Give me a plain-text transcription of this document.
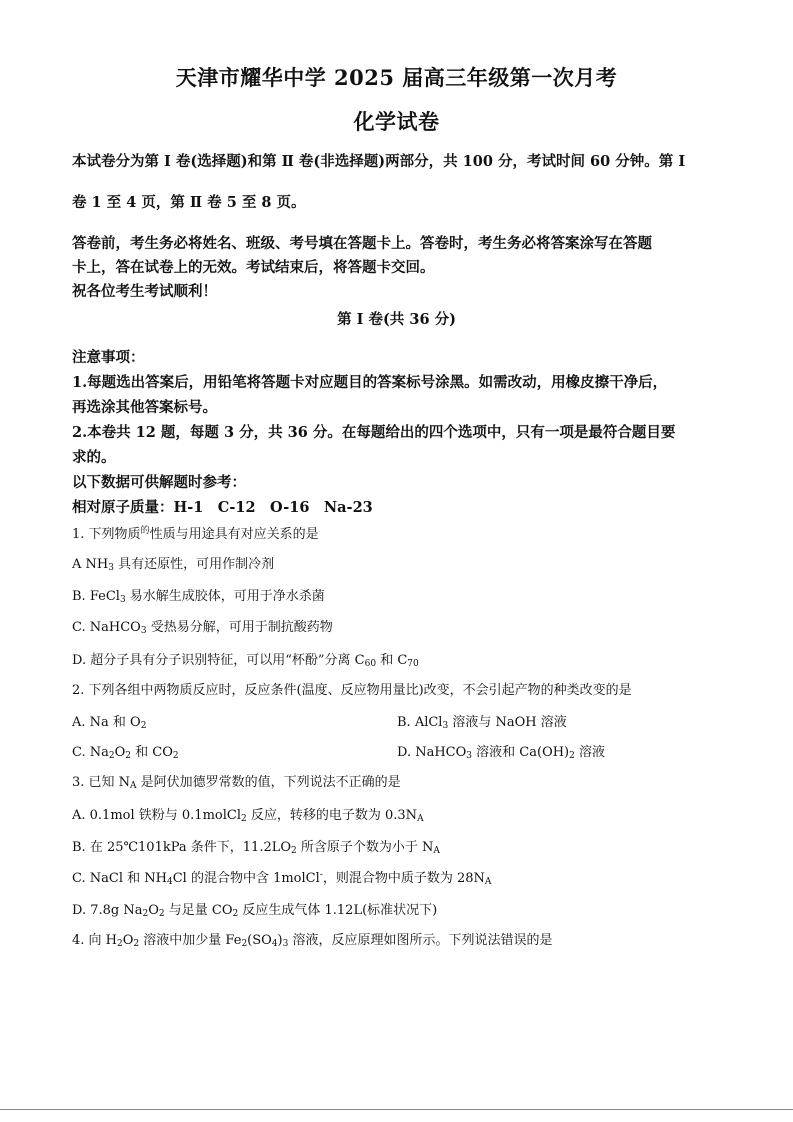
天津市耀华中学 2025 届高三年级第一次月考
化学试卷
本试卷分为第 Ⅰ 卷(选择题)和第 Ⅱ 卷(非选择题)两部分，共 100 分，考试时间 60 分钟。第 Ⅰ
卷 1 至 4 页，第 Ⅱ 卷 5 至 8 页。
答卷前，考生务必将姓名、班级、考号填在答题卡上。答卷时，考生务必将答案涂写在答题
卡上，答在试卷上的无效。考试结束后，将答题卡交回。
祝各位考生考试顺利！
第 Ⅰ 卷(共 36 分)
注意事项：
1.每题选出答案后，用铅笔将答题卡对应题目的答案标号涂黑。如需改动，用橡皮擦干净后，
再选涂其他答案标号。
2.本卷共 12 题，每题 3 分，共 36 分。在每题给出的四个选项中，只有一项是最符合题目要
求的。
以下数据可供解题时参考：
相对原子质量：H-1　C-12　O-16　Na-23
1. 下列物质$^的$性质与用途具有对应关系的是
A $NH_3$ 具有还原性，可用作制冷剂
B. FeCl$_3$ 易水解生成胶体，可用于净水杀菌
C. NaHCO$_3$ 受热易分解，可用于制抗酸药物
D. 超分子具有分子识别特征，可以用“杯酚”分离 $C_{60}$ 和 $C_{70}$
2. 下列各组中两物质反应时，反应条件(温度、反应物用量比)改变，不会引起产物的种类改变的是
A. Na 和 $O_2$	B. AlCl$_3$ 溶液与 NaOH 溶液
C. $Na_2O_2$ 和 $CO_2$	D. NaHCO$_3$ 溶液和 $Ca(OH)_2$ 溶液
3. 已知 $N_A$ 是阿伏加德罗常数的值，下列说法不正确的是
A. 0.1mol 铁粉与 0.1molCl$_2$ 反应，转移的电子数为 $0.3N_A$
B. 在 25℃101kPa 条件下，$11.2LO_2$ 所含原子个数为小于 $N_A$
C. NaCl 和 $NH_4Cl$ 的混合物中含 1molCl-，则混合物中质子数为 $28N_A$
D. 7.8g $Na_2O_2$ 与足量 $CO_2$ 反应生成气体 1.12L(标准状况下)
4. 向 $H_2O_2$ 溶液中加少量 $Fe_2(SO_4)_3$ 溶液，反应原理如图所示。下列说法错误的是
